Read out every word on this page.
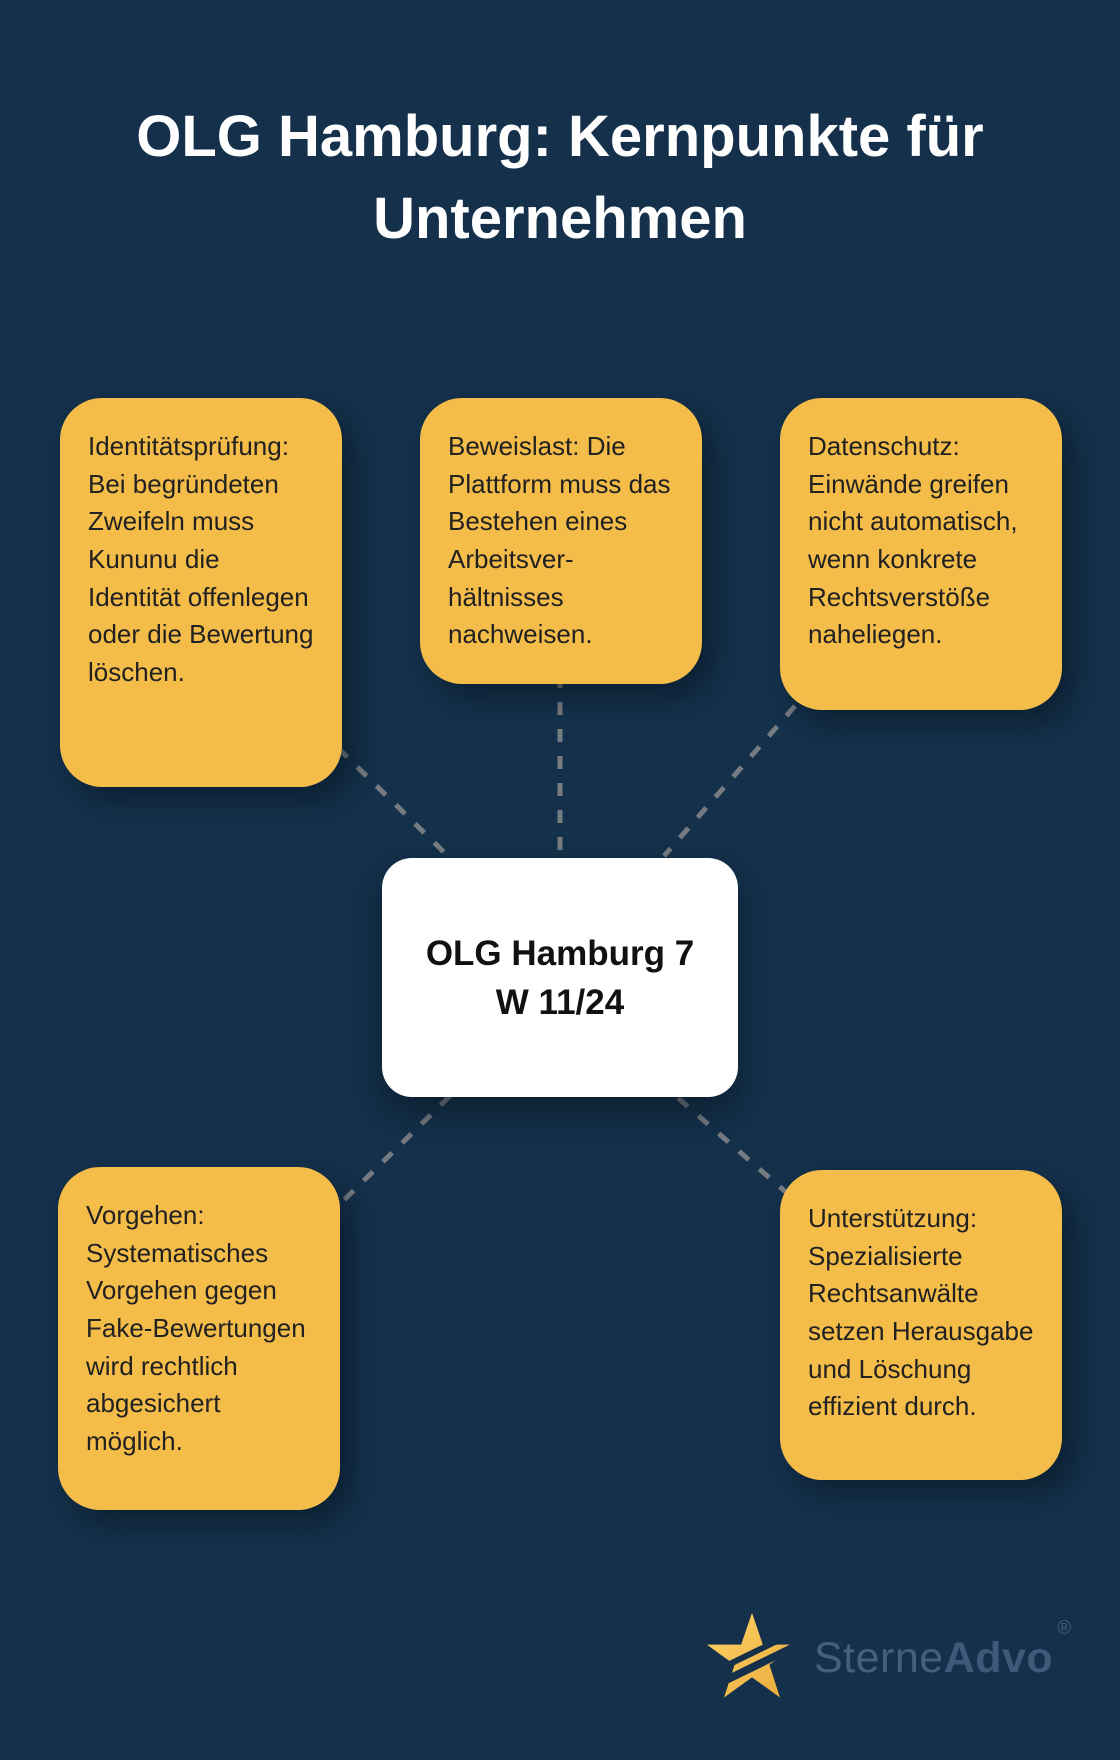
OLG Hamburg: Kernpunkte für Unternehmen
Identitätsprüfung: Bei begründeten Zweifeln muss Kununu die Identität offenlegen oder die Bewertung löschen.
Beweislast: Die Plattform muss das Bestehen eines Arbeitsverhältnisses nachweisen.
Datenschutz: Einwände greifen nicht automatisch, wenn konkrete Rechtsverstöße naheliegen.
OLG Hamburg 7
W 11/24
Vorgehen: Systematisches Vorgehen gegen Fake-Bewertungen wird rechtlich abgesichert möglich.
Unterstützung: Spezialisierte Rechtsanwälte setzen Herausgabe und Löschung effizient durch.
SterneAdvo®
